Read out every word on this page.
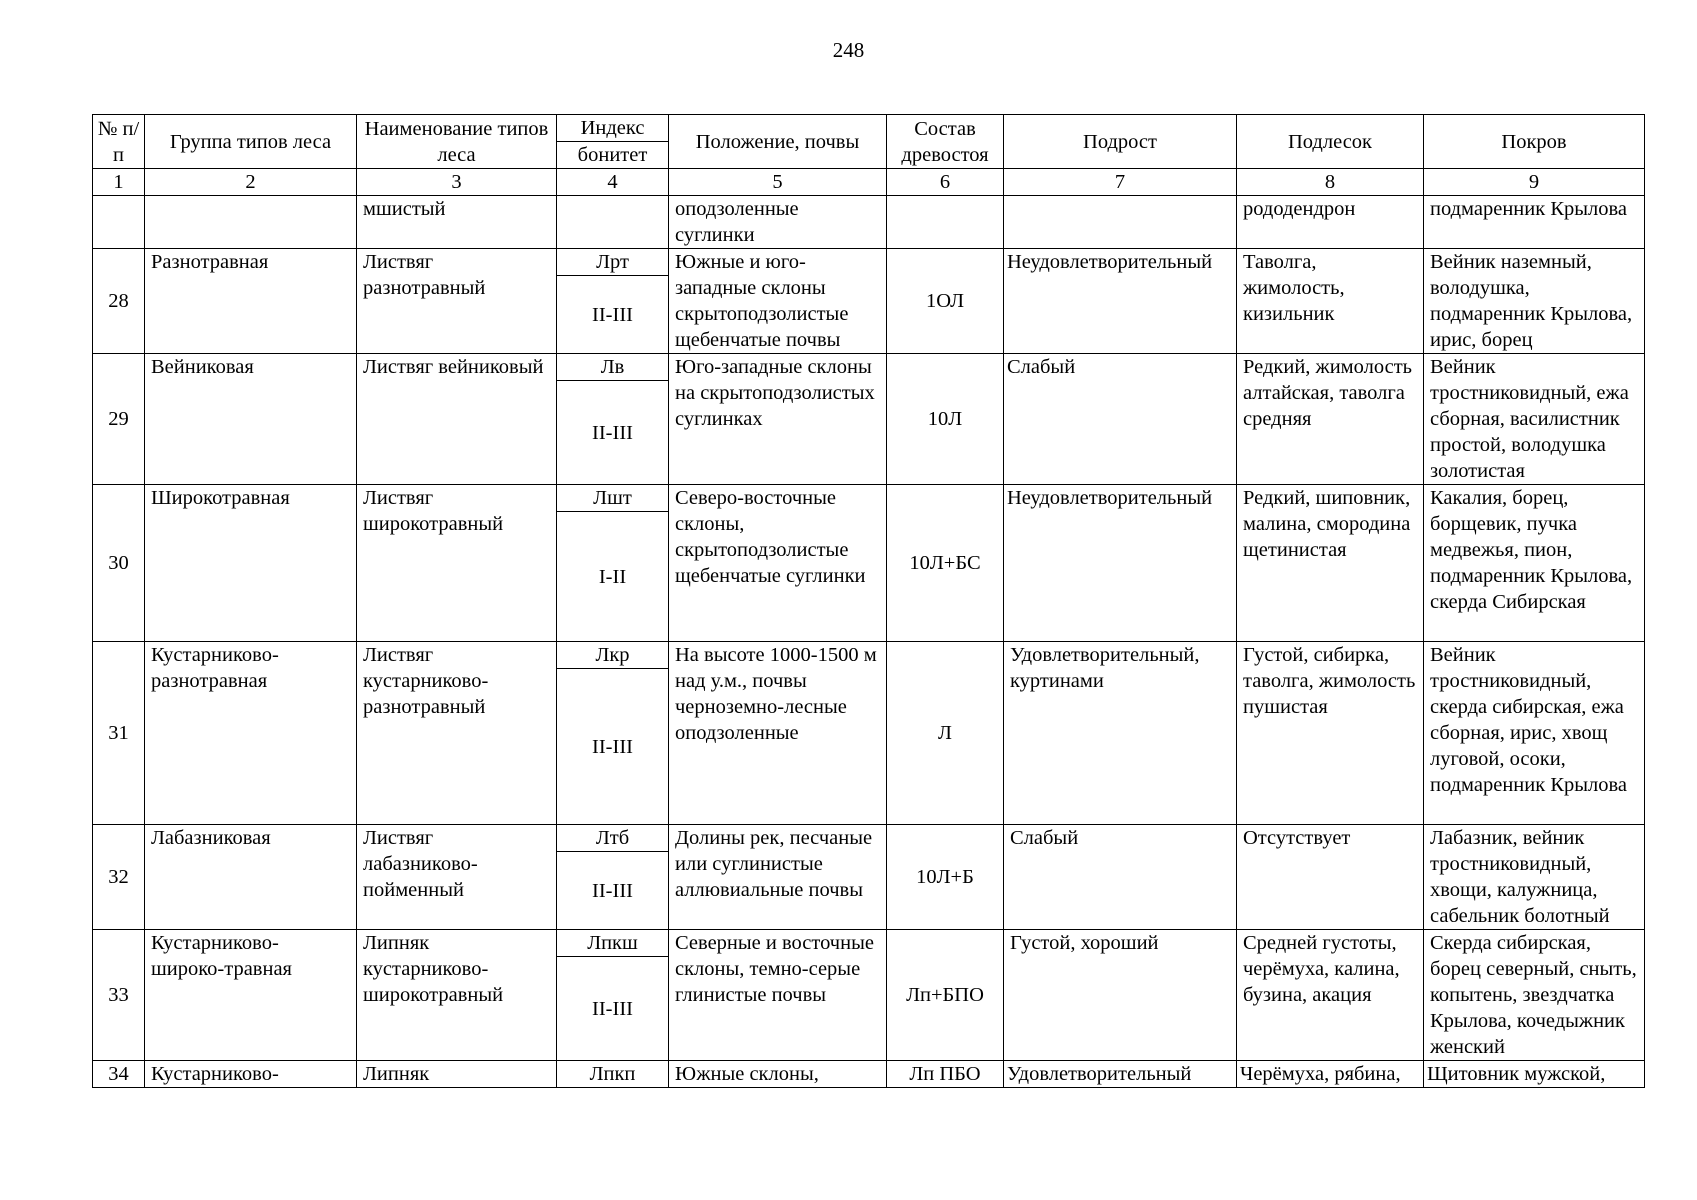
248
№ п/п	Группа типов леса	Наименование типов леса	Индекс	Положение, почвы	Состав древостоя	Подрост	Подлесок	Покров
			бонитет					
1	2	3	4	5	6	7	8	9
		мшистый		оподзоленные суглинки			рододендрон	подмаренник Крылова
28	Разнотравная	Листвяг разнотравный	Лрт	Южные и юго-западные склоны скрытоподзолистые щебенчатые почвы	1ОЛ	Неудовлетворительный	Таволга, жимолость, кизильник	Вейник наземный, володушка, подмаренник Крылова, ирис, борец
			II-III					
29	Вейниковая	Листвяг вейниковый	Лв	Юго-западные склоны на скрытоподзолистых суглинках	10Л	Слабый	Редкий, жимолость алтайская, таволга средняя	Вейник тростниковидный, ежа сборная, василистник простой, володушка золотистая
			II-III					
30	Широкотравная	Листвяг широкотравный	Лшт	Северо-восточные склоны, скрытоподзолистые щебенчатые суглинки	10Л+БС	Неудовлетворительный	Редкий, шиповник, малина, смородина щетинистая	Какалия, борец, борщевик, пучка медвежья, пион, подмаренник Крылова, скерда Сибирская
			I-II					
31	Кустарниково-разнотравная	Листвяг кустарниково-разнотравный	Лкр	На высоте 1000-1500 м над у.м., почвы черноземно-лесные оподзоленные	Л	Удовлетворительный, куртинами	Густой, сибирка, таволга, жимолость пушистая	Вейник тростниковидный, скерда сибирская, ежа сборная, ирис, хвощ луговой, осоки, подмаренник Крылова
			II-III					
32	Лабазниковая	Листвяг лабазниково-пойменный	Лтб	Долины рек, песчаные или суглинистые аллювиальные почвы	10Л+Б	Слабый	Отсутствует	Лабазник, вейник тростниковидный, хвощи, калужница, сабельник болотный
			II-III					
33	Кустарниково-широко-травная	Липняк кустарниково-широкотравный	Лпкш	Северные и восточные склоны, темно-серые глинистые почвы	Лп+БПО	Густой, хороший	Средней густоты, черёмуха, калина, бузина, акация	Скерда сибирская, борец северный, сныть, копытень, звездчатка Крылова, кочедыжник женский
			II-III					
34	Кустарниково-	Липняк	Лпкп	Южные склоны,	Лп ПБО	Удовлетворительный	Черёмуха, рябина,	Щитовник мужской,
